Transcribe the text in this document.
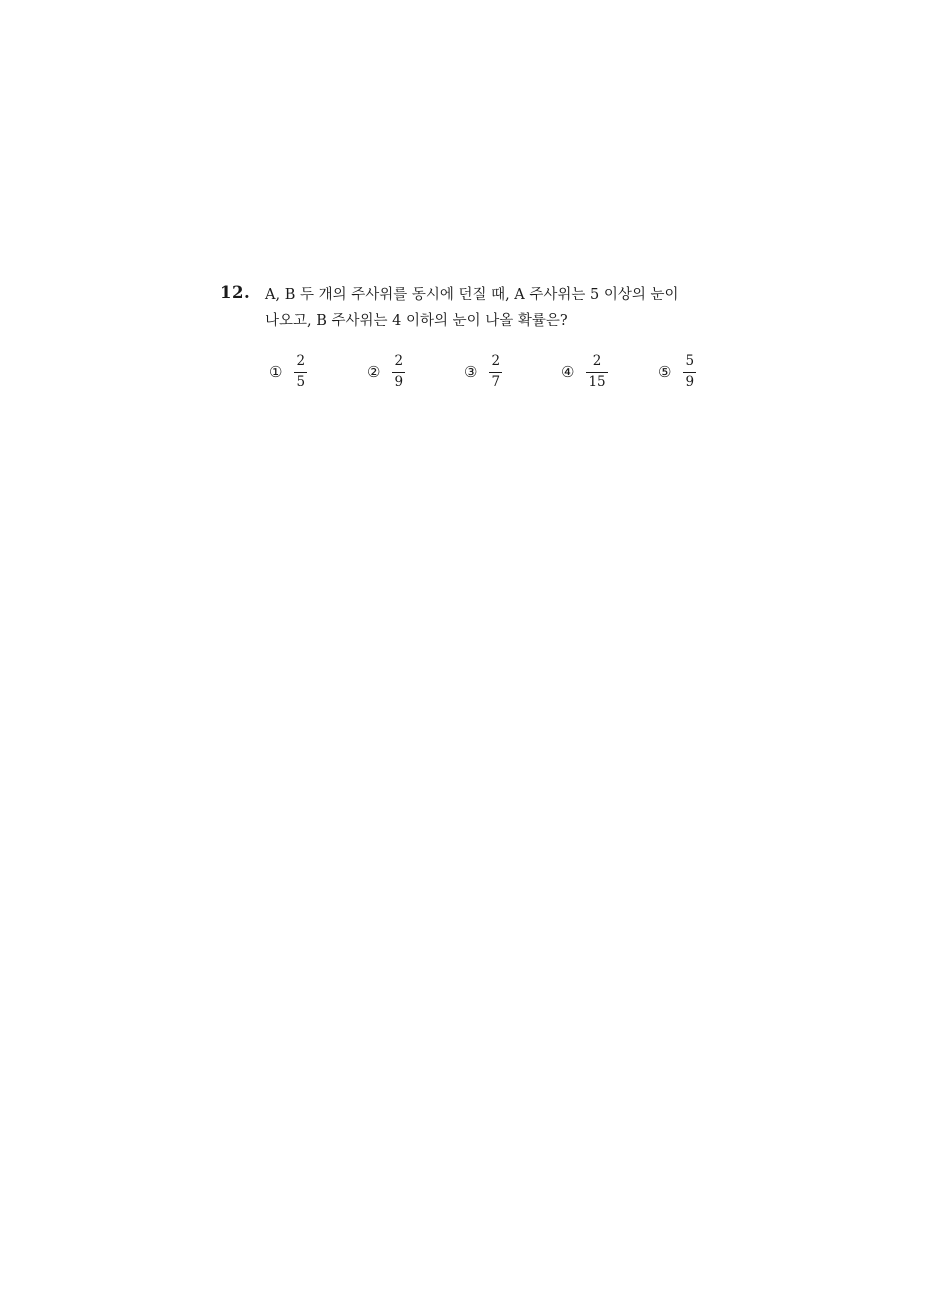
12. A, B 두 개의 주사위를 동시에 던질 때, A 주사위는 5 이상의 눈이
나오고, B 주사위는 4 이하의 눈이 나올 확률은?
① $\frac{2}{5}$	② $\frac{2}{9}$	③ $\frac{2}{7}$	④ $\frac{2}{15}$	⑤ $\frac{5}{9}$
